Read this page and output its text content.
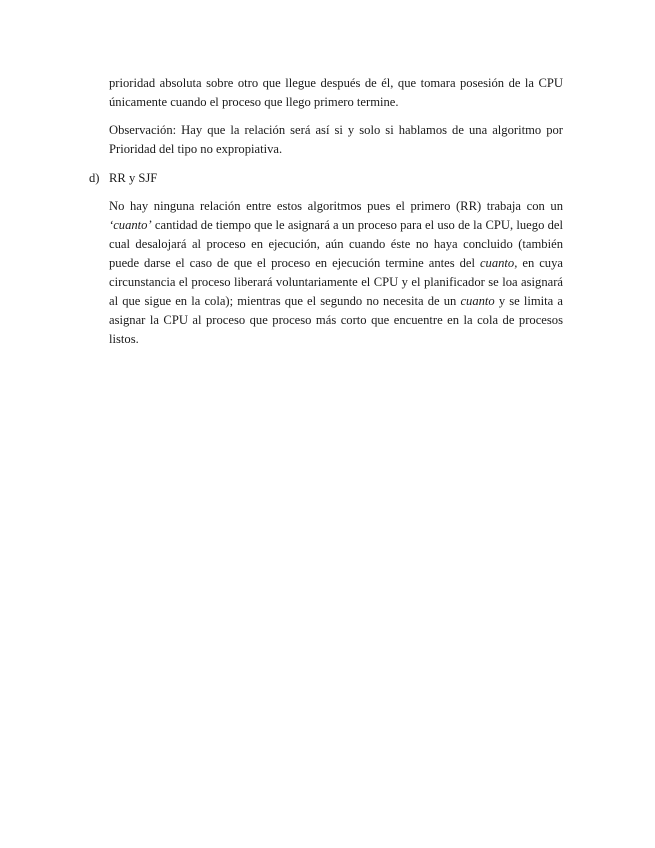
prioridad absoluta sobre otro que llegue después de él, que tomara posesión de la CPU únicamente cuando el proceso que llego primero termine.

Observación: Hay que la relación será así si y solo si hablamos de una algoritmo por Prioridad del tipo no expropiativa.

d) RR y SJF

No hay ninguna relación entre estos algoritmos pues el primero (RR) trabaja con un ‘cuanto’ cantidad de tiempo que le asignará a un proceso para el uso de la CPU, luego del cual desalojará al proceso en ejecución, aún cuando éste no haya concluido (también puede darse el caso de que el proceso en ejecución termine antes del cuanto, en cuya circunstancia el proceso liberará voluntariamente el CPU y el planificador se loa asignará al que sigue en la cola); mientras que el segundo no necesita de un cuanto y se limita a asignar la CPU al proceso que proceso más corto que encuentre en la cola de procesos listos.
